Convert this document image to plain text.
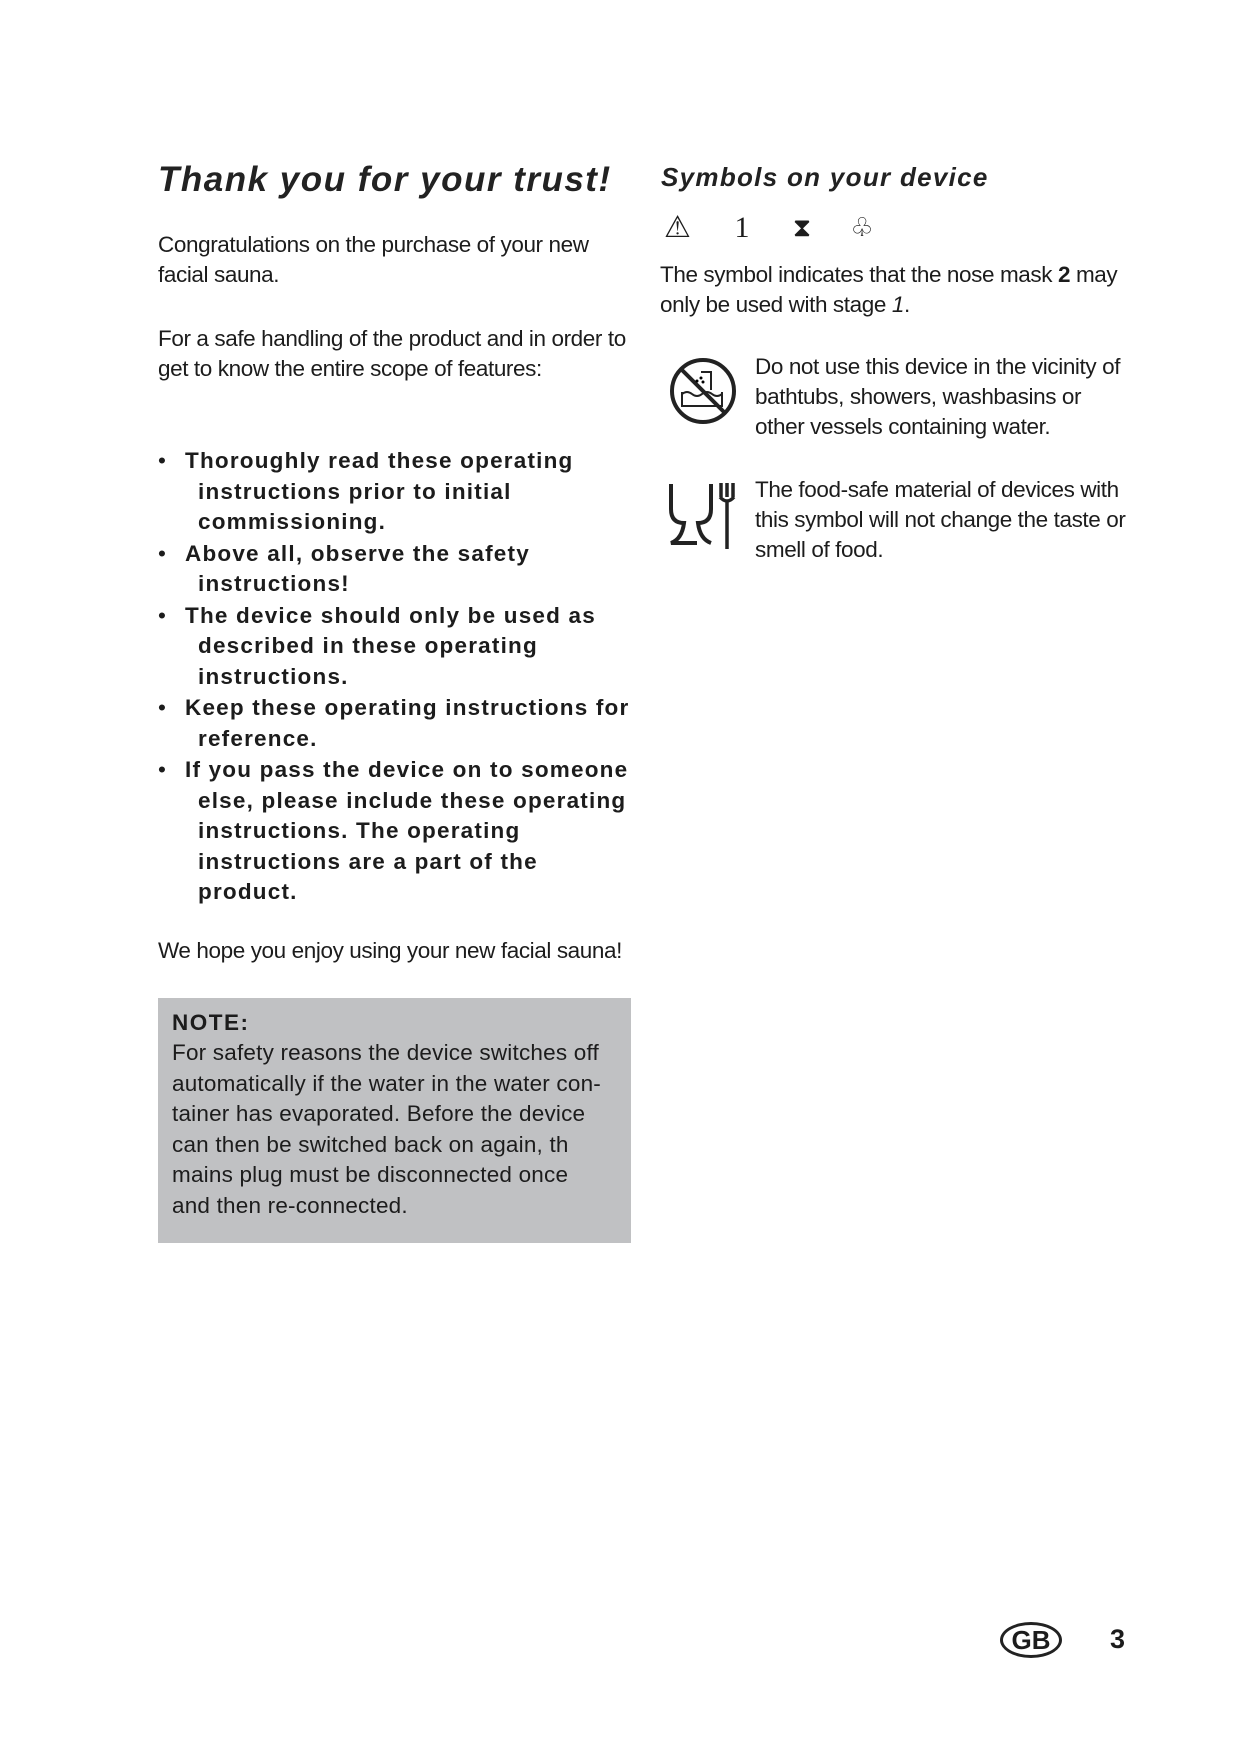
Thank you for your trust!
Congratulations on the purchase of your new facial sauna.
For a safe handling of the product and in order to get to know the entire scope of features:
• Thoroughly read these operating instructions prior to initial commissioning.
• Above all, observe the safety instructions!
• The device should only be used as described in these operating instructions.
• Keep these operating instructions for reference.
• If you pass the device on to someone else, please include these operating instructions. The operating instructions are a part of the product.
We hope you enjoy using your new facial sauna!
NOTE:
For safety reasons the device switches off
automatically if the water in the water con-
tainer has evaporated. Before the device
can then be switched back on again, th
mains plug must be disconnected once
and then re-connected.
Symbols on your device
⚠	1	⧗	♧
The symbol indicates that the nose mask 2 may only be used with stage 1.
Do not use this device in the vicinity of bathtubs, showers, washbasins or other vessels containing water.
The food-safe material of devices with this symbol will not change the taste or smell of food.
GB	3
